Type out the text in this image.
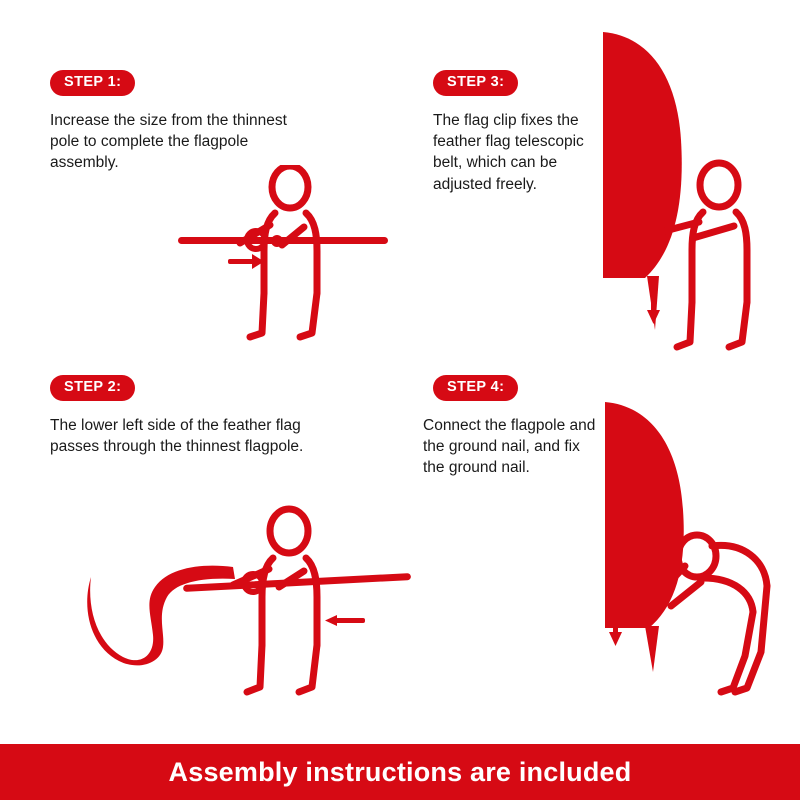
STEP 1:
Increase the size from the thinnest pole to complete the flagpole assembly.
STEP 2:
The lower left side of the feather flag passes through the thinnest flagpole.
STEP 3:
The flag clip fixes the feather flag telescopic belt, which can be adjusted freely.
STEP 4:
Connect the flagpole and the ground nail, and fix the ground nail.
Assembly instructions are included
